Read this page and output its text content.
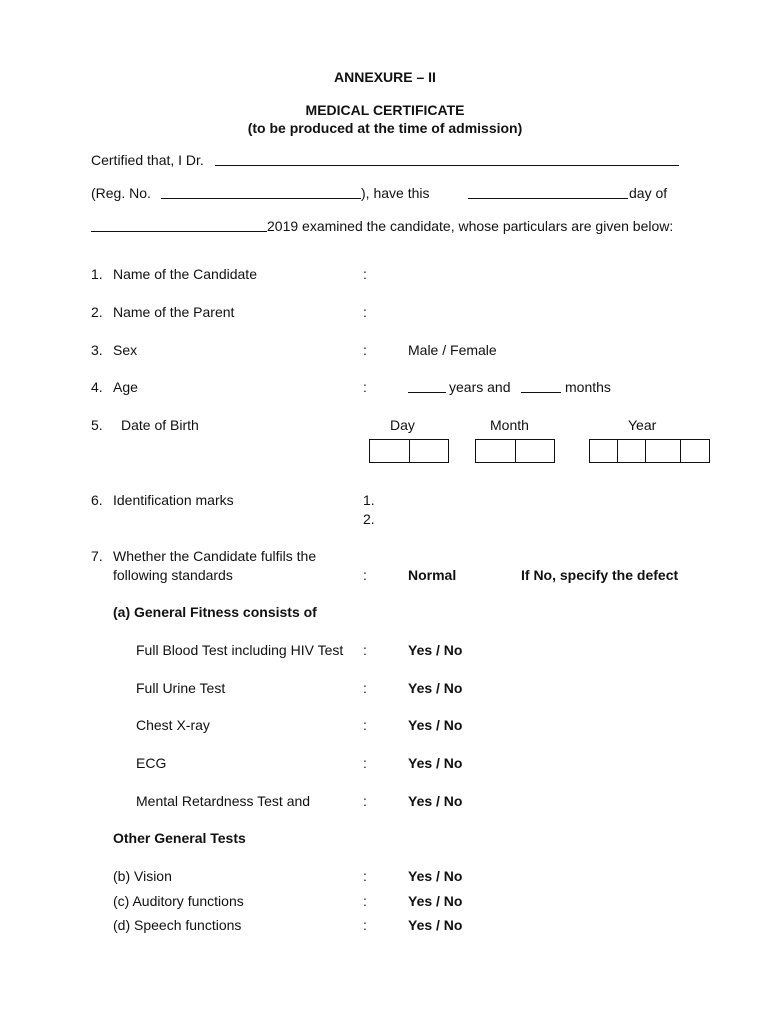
ANNEXURE – II
MEDICAL CERTIFICATE
(to be produced at the time of admission)
Certified that, I Dr.
(Reg. No.	), have this	day of
2019 examined the candidate, whose particulars are given below:
1. Name of the Candidate	:
2. Name of the Parent	:
3. Sex	:	Male / Female
4. Age	:	years and	months
5. Date of Birth	Day	Month	Year
6. Identification marks	1.
2.
7. Whether the Candidate fulfils the
following standards	:	Normal	If No, specify the defect
(a) General Fitness consists of
Full Blood Test including HIV Test :	Yes / No
Full Urine Test	:	Yes / No
Chest X-ray	:	Yes / No
ECG	:	Yes / No
Mental Retardness Test and	:	Yes / No
Other General Tests
(b) Vision	:	Yes / No
(c) Auditory functions	:	Yes / No
(d) Speech functions	:	Yes / No
